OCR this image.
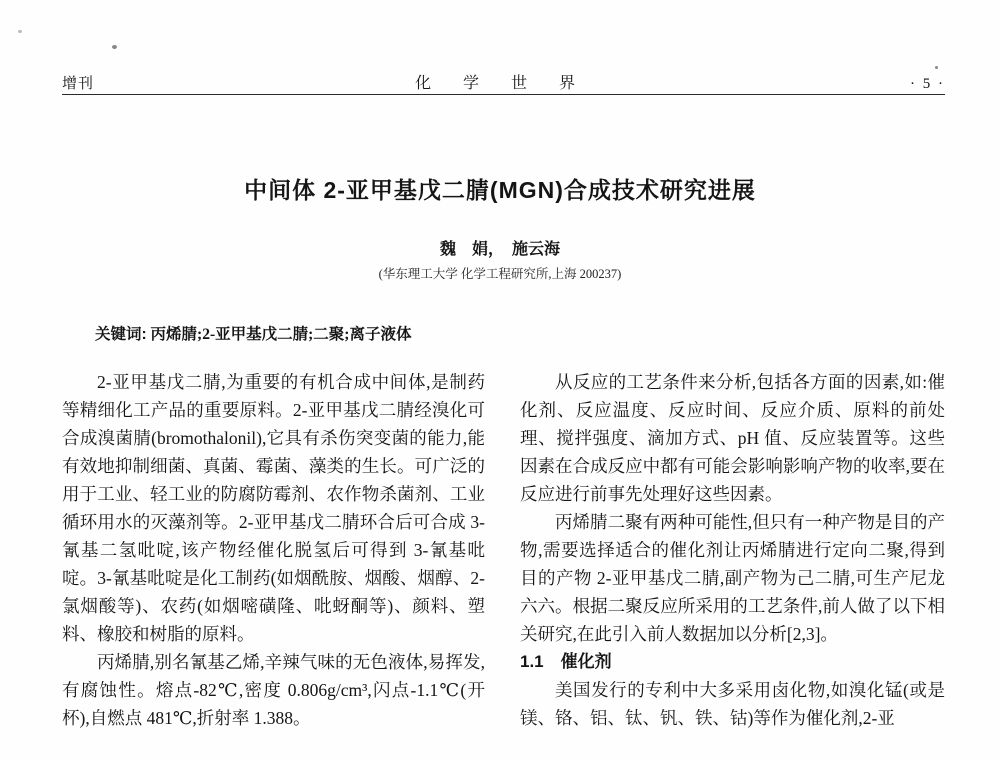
增刊	化 学 世 界	· 5 ·
中间体 2-亚甲基戊二腈(MGN)合成技术研究进展
魏　娟，　施云海
(华东理工大学 化学工程研究所,上海 200237)
关键词: 丙烯腈;2-亚甲基戊二腈;二聚;离子液体

2-亚甲基戊二腈,为重要的有机合成中间体,是制药等精细化工产品的重要原料。2-亚甲基戊二腈经溴化可合成溴菌腈(bromothalonil),它具有杀伤突变菌的能力,能有效地抑制细菌、真菌、霉菌、藻类的生长。可广泛的用于工业、轻工业的防腐防霉剂、农作物杀菌剂、工业循环用水的灭藻剂等。2-亚甲基戊二腈环合后可合成 3-氰基二氢吡啶,该产物经催化脱氢后可得到 3-氰基吡啶。3-氰基吡啶是化工制药(如烟酰胺、烟酸、烟醇、2-氯烟酸等)、农药(如烟嘧磺隆、吡蚜酮等)、颜料、塑料、橡胶和树脂的原料。

丙烯腈,别名氰基乙烯,辛辣气味的无色液体,易挥发,有腐蚀性。熔点-82℃,密度 0.806g/cm³,闪点-1.1℃(开杯),自燃点 481℃,折射率 1.388。

从反应的工艺条件来分析,包括各方面的因素,如:催化剂、反应温度、反应时间、反应介质、原料的前处理、搅拌强度、滴加方式、pH 值、反应装置等。这些因素在合成反应中都有可能会影响影响产物的收率,要在反应进行前事先处理好这些因素。

丙烯腈二聚有两种可能性,但只有一种产物是目的产物,需要选择适合的催化剂让丙烯腈进行定向二聚,得到目的产物 2-亚甲基戊二腈,副产物为己二腈,可生产尼龙六六。根据二聚反应所采用的工艺条件,前人做了以下相关研究,在此引入前人数据加以分析[2,3]。

1.1　催化剂

美国发行的专利中大多采用卤化物,如溴化锰(或是镁、铬、铝、钛、钒、铁、钴)等作为催化剂,2-亚
